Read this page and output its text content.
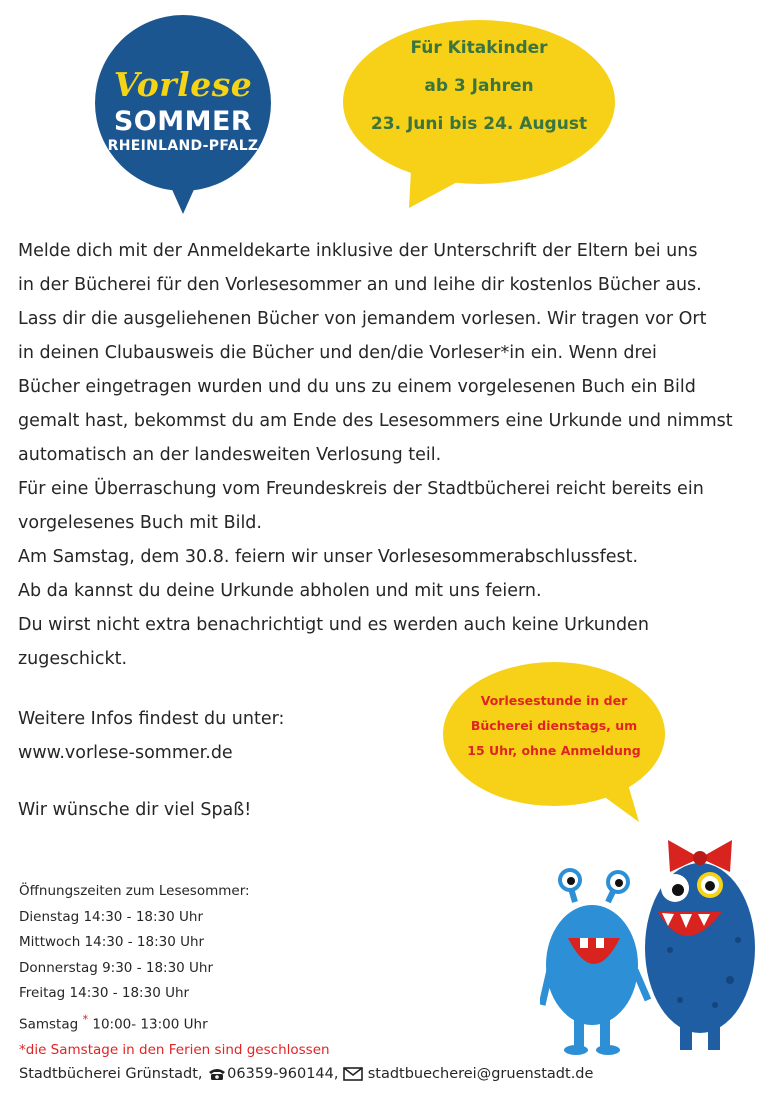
Vorlese
SOMMER
RHEINLAND-PFALZ
Für Kitakinder
ab 3 Jahren
23. Juni bis 24. August

Melde dich mit der Anmeldekarte inklusive der Unterschrift der Eltern bei uns

in der Bücherei für den Vorlesesommer an und leihe dir kostenlos Bücher aus.

Lass dir die ausgeliehenen Bücher von jemandem vorlesen. Wir tragen vor Ort

in deinen Clubausweis die Bücher und den/die Vorleser*in ein. Wenn drei

Bücher eingetragen wurden und du uns zu einem vorgelesenen Buch ein Bild

gemalt hast, bekommst du am Ende des Lesesommers eine Urkunde und nimmst

automatisch an der landesweiten Verlosung teil.

Für eine Überraschung vom Freundeskreis der Stadtbücherei reicht bereits ein

vorgelesenes Buch mit Bild.

Am Samstag, dem 30.8. feiern wir unser Vorlesesommerabschlussfest.

Ab da kannst du deine Urkunde abholen und mit uns feiern.

Du wirst nicht extra benachrichtigt und es werden auch keine Urkunden

zugeschickt.

Weitere Infos findest du unter:
www.vorlese-sommer.de
Wir wünsche dir viel Spaß!
Vorlesestunde in der
Bücherei dienstags, um
15 Uhr, ohne Anmeldung
Öffnungszeiten zum Lesesommer:
Dienstag 14:30 - 18:30 Uhr
Mittwoch 14:30 - 18:30 Uhr
Donnerstag 9:30 - 18:30 Uhr
Freitag 14:30 - 18:30 Uhr
Samstag * 10:00- 13:00 Uhr
*die Samstage in den Ferien sind geschlossen
Stadtbücherei Grünstadt, 06359-960144, stadtbuecherei@gruenstadt.de
